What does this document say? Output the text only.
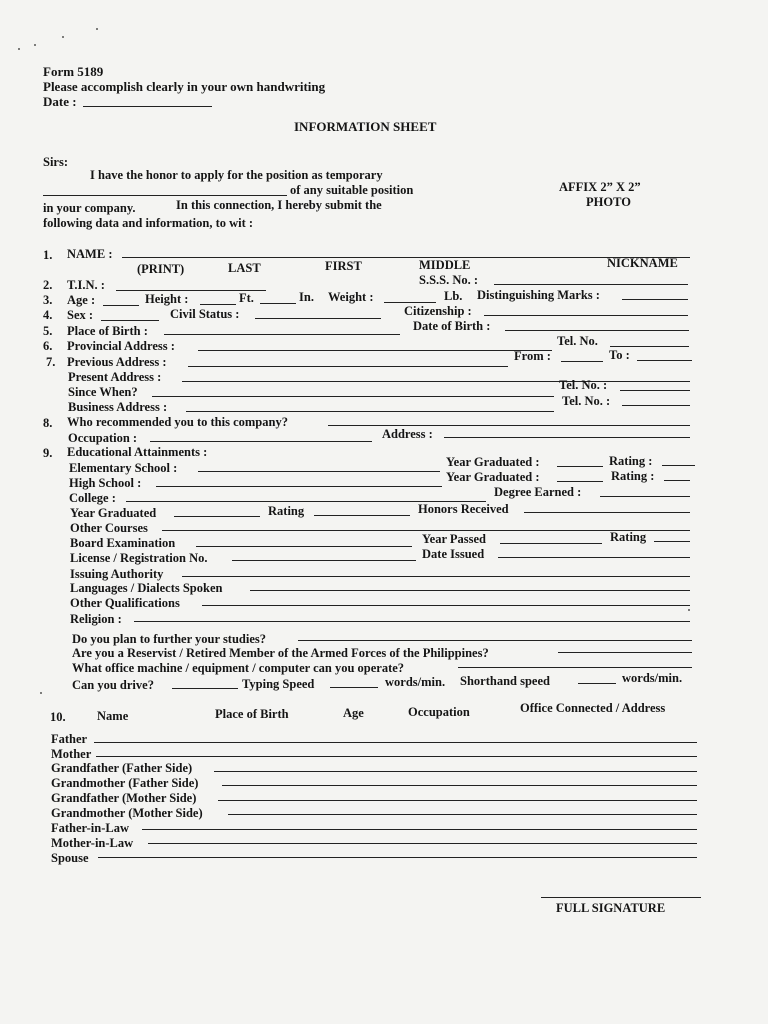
Form 5189
Please accomplish clearly in your own handwriting
Date :
INFORMATION SHEET
Sirs:
I have the honor to apply for the position as temporary
of any suitable position
in your company.	In this connection, I hereby submit the
following data and information, to wit :
AFFIX 2” X 2”
PHOTO
1. NAME :
(PRINT)	LAST	FIRST	MIDDLE	NICKNAME
2. T.I.N. :	S.S.S. No. :
3. Age :	Height :	Ft.	In. Weight :	Lb. Distinguishing Marks :
4. Sex :	Civil Status :	Citizenship :
5. Place of Birth :	Date of Birth :
6. Provincial Address :	Tel. No.
7. Previous Address :	From :	To :
Present Address :
Since When?	Tel. No. :
Business Address :	Tel. No. :
8. Who recommended you to this company?
Occupation :	Address :
9. Educational Attainments :
Elementary School :	Year Graduated :	Rating :
High School :	Year Graduated :	Rating :
College :	Degree Earned :
Year Graduated	Rating	Honors Received
Other Courses
Board Examination	Year Passed	Rating
License / Registration No.	Date Issued
Issuing Authority
Languages / Dialects Spoken
Other Qualifications
Religion :
Do you plan to further your studies?
Are you a Reservist / Retired Member of the Armed Forces of the Philippines?
What office machine / equipment / computer can you operate?
Can you drive?	Typing Speed	words/min. Shorthand speed	words/min.
10.	Name	Place of Birth	Age	Occupation	Office Connected / Address
Father
Mother
Grandfather (Father Side)
Grandmother (Father Side)
Grandfather (Mother Side)
Grandmother (Mother Side)
Father-in-Law
Mother-in-Law
Spouse
FULL SIGNATURE
